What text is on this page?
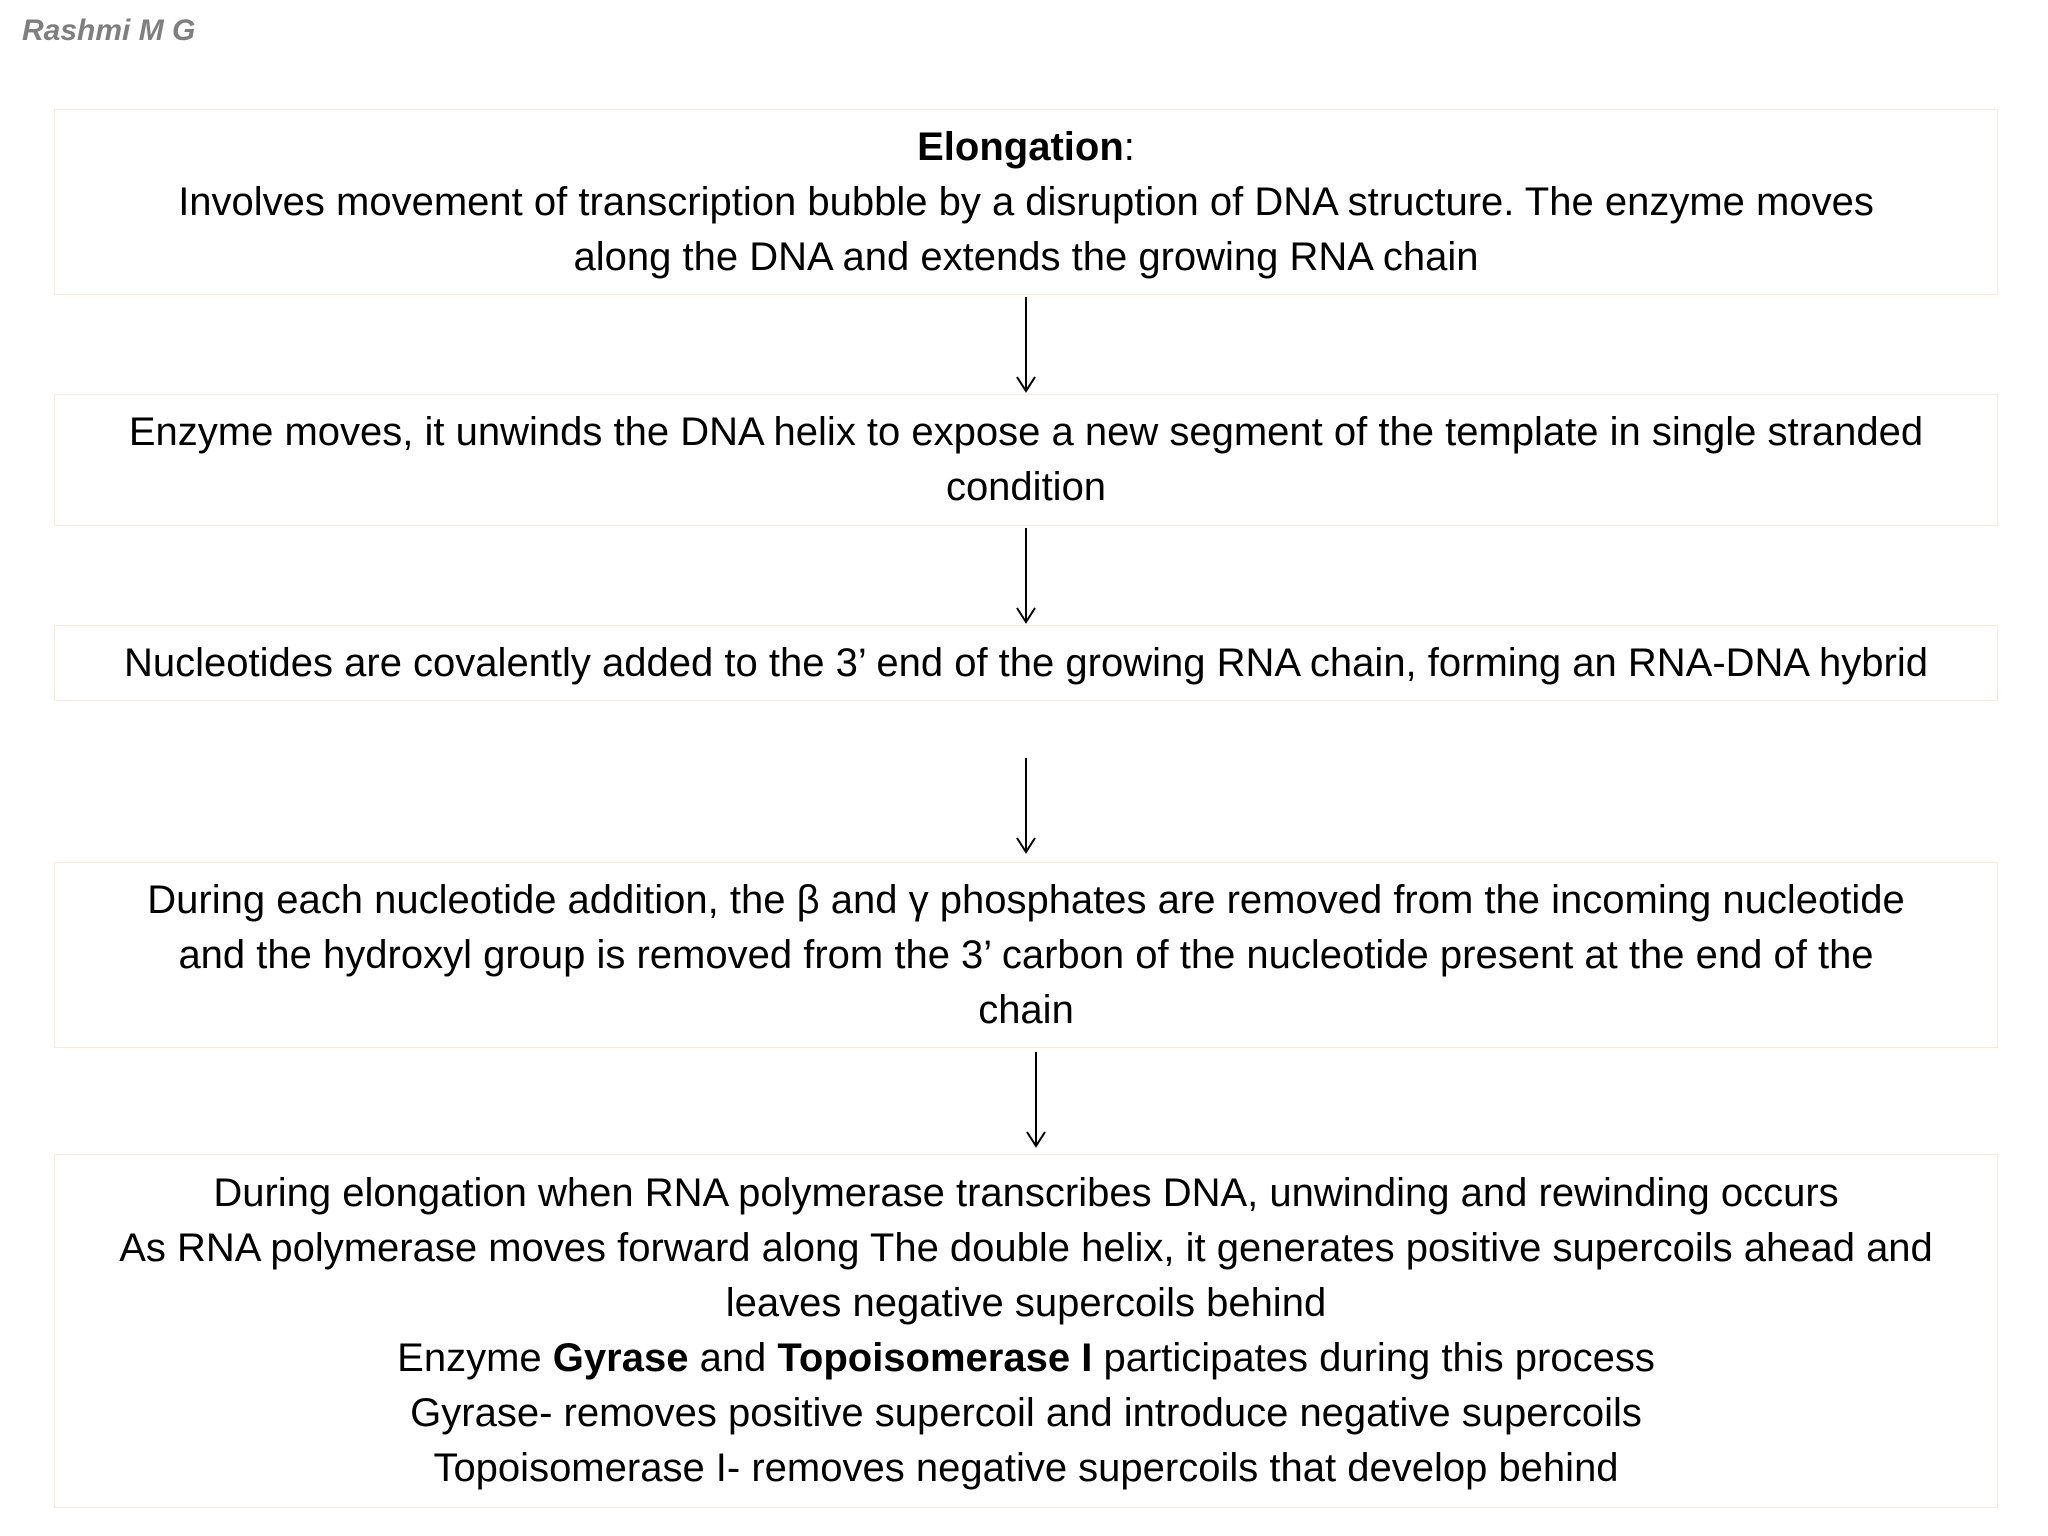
Rashmi M G
Elongation:
Involves movement of transcription bubble by a disruption of DNA structure. The enzyme moves
along the DNA and extends the growing RNA chain
Enzyme moves, it unwinds the DNA helix to expose a new segment of the template in single stranded
condition
Nucleotides are covalently added to the 3’ end of the growing RNA chain, forming an RNA-DNA hybrid
During each nucleotide addition, the β and γ phosphates are removed from the incoming nucleotide
and the hydroxyl group is removed from the 3’ carbon of the nucleotide present at the end of the
chain
During elongation when RNA polymerase transcribes DNA, unwinding and rewinding occurs
As RNA polymerase moves forward along The double helix, it generates positive supercoils ahead and
leaves negative supercoils behind
Enzyme Gyrase and Topoisomerase I participates during this process
Gyrase- removes positive supercoil and introduce negative supercoils
Topoisomerase I- removes negative supercoils that develop behind
